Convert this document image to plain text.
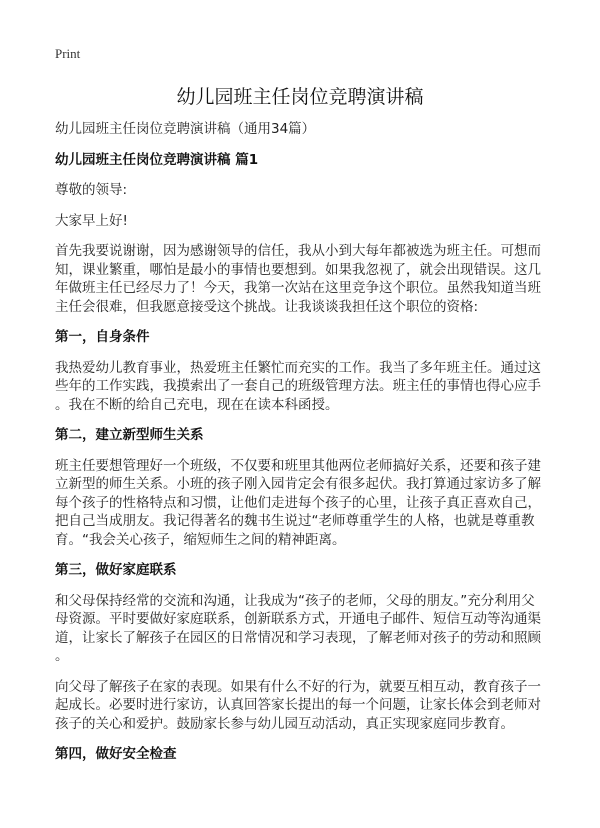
Print
幼儿园班主任岗位竞聘演讲稿

幼儿园班主任岗位竞聘演讲稿（通用34篇）

幼儿园班主任岗位竞聘演讲稿 篇1

尊敬的领导:

大家早上好!

首先我要说谢谢，因为感谢领导的信任，我从小到大每年都被选为班主任。可想而
知，课业繁重，哪怕是最小的事情也要想到。如果我忽视了，就会出现错误。这几
年做班主任已经尽力了！今天，我第一次站在这里竞争这个职位。虽然我知道当班
主任会很难，但我愿意接受这个挑战。让我谈谈我担任这个职位的资格:

第一，自身条件

我热爱幼儿教育事业，热爱班主任繁忙而充实的工作。我当了多年班主任。通过这
些年的工作实践，我摸索出了一套自己的班级管理方法。班主任的事情也得心应手
。我在不断的给自己充电，现在在读本科函授。

第二，建立新型师生关系

班主任要想管理好一个班级，不仅要和班里其他两位老师搞好关系，还要和孩子建
立新型的师生关系。小班的孩子刚入园肯定会有很多起伏。我打算通过家访多了解
每个孩子的性格特点和习惯，让他们走进每个孩子的心里，让孩子真正喜欢自己，
把自己当成朋友。我记得著名的魏书生说过“老师尊重学生的人格，也就是尊重教
育。“我会关心孩子，缩短师生之间的精神距离。

第三，做好家庭联系

和父母保持经常的交流和沟通，让我成为“孩子的老师，父母的朋友。”充分利用父
母资源。平时要做好家庭联系，创新联系方式，开通电子邮件、短信互动等沟通渠
道，让家长了解孩子在园区的日常情况和学习表现，了解老师对孩子的劳动和照顾
。

向父母了解孩子在家的表现。如果有什么不好的行为，就要互相互动，教育孩子一
起成长。必要时进行家访，认真回答家长提出的每一个问题，让家长体会到老师对
孩子的关心和爱护。鼓励家长参与幼儿园互动活动，真正实现家庭同步教育。

第四，做好安全检查
